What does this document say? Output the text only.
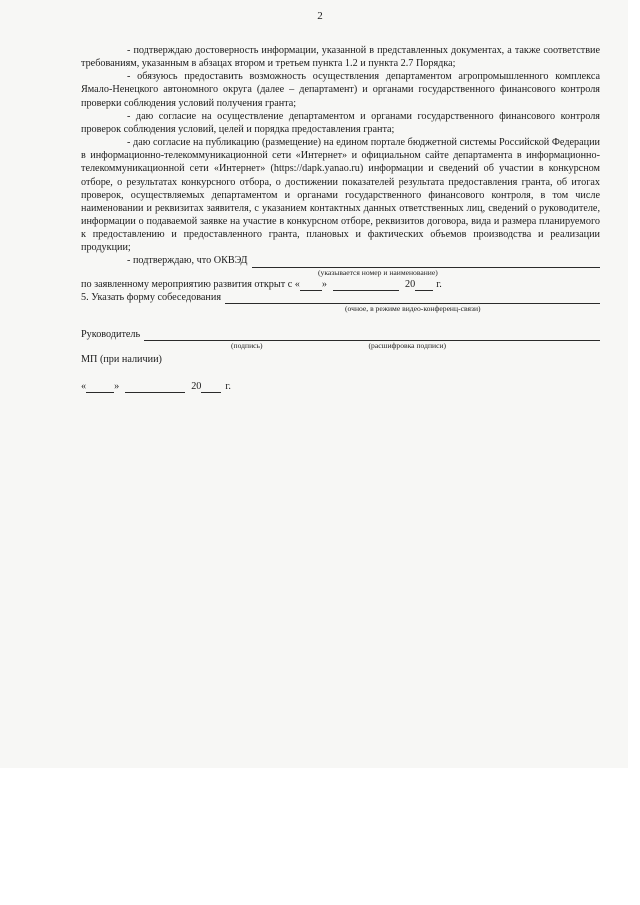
2

- подтверждаю достоверность информации, указанной в представленных документах, а также соответствие требованиям, указанным в абзацах втором и третьем пункта 1.2 и пункта 2.7 Порядка;

- обязуюсь предоставить возможность осуществления департаментом агропромышленного комплекса Ямало-Ненецкого автономного округа (далее – департамент) и органами государственного финансового контроля проверки соблюдения условий получения гранта;

- даю согласие на осуществление департаментом и органами государственного финансового контроля проверок соблюдения условий, целей и порядка предоставления гранта;

- даю согласие на публикацию (размещение) на едином портале бюджетной системы Российской Федерации в информационно-телекоммуникационной сети «Интернет» и официальном сайте департамента в информационно-телекоммуникационной сети «Интернет» (https://dapk.yanao.ru) информации и сведений об участии в конкурсном отборе, о результатах конкурсного отбора, о достижении показателей результата предоставления гранта, об итогах проверок, осуществляемых департаментом и органами государственного финансового контроля, в том числе наименовании и реквизитах заявителя, с указанием контактных данных ответственных лиц, сведений о руководителе, информации о подаваемой заявке на участие в конкурсном отборе, реквизитов договора, вида и размера планируемого к предоставлению и предоставленного гранта, плановых и фактических объемов производства и реализации продукции;

- подтверждаю, что ОКВЭД
(указывается номер и наименование)
по заявленному мероприятию развития открыт с « »	20 г.
5. Указать форму собеседования
(очное, в режиме видео-конференц-связи)
Руководитель
(подпись)	(расшифровка подписи)
МП (при наличии)
«	»	20 г.
